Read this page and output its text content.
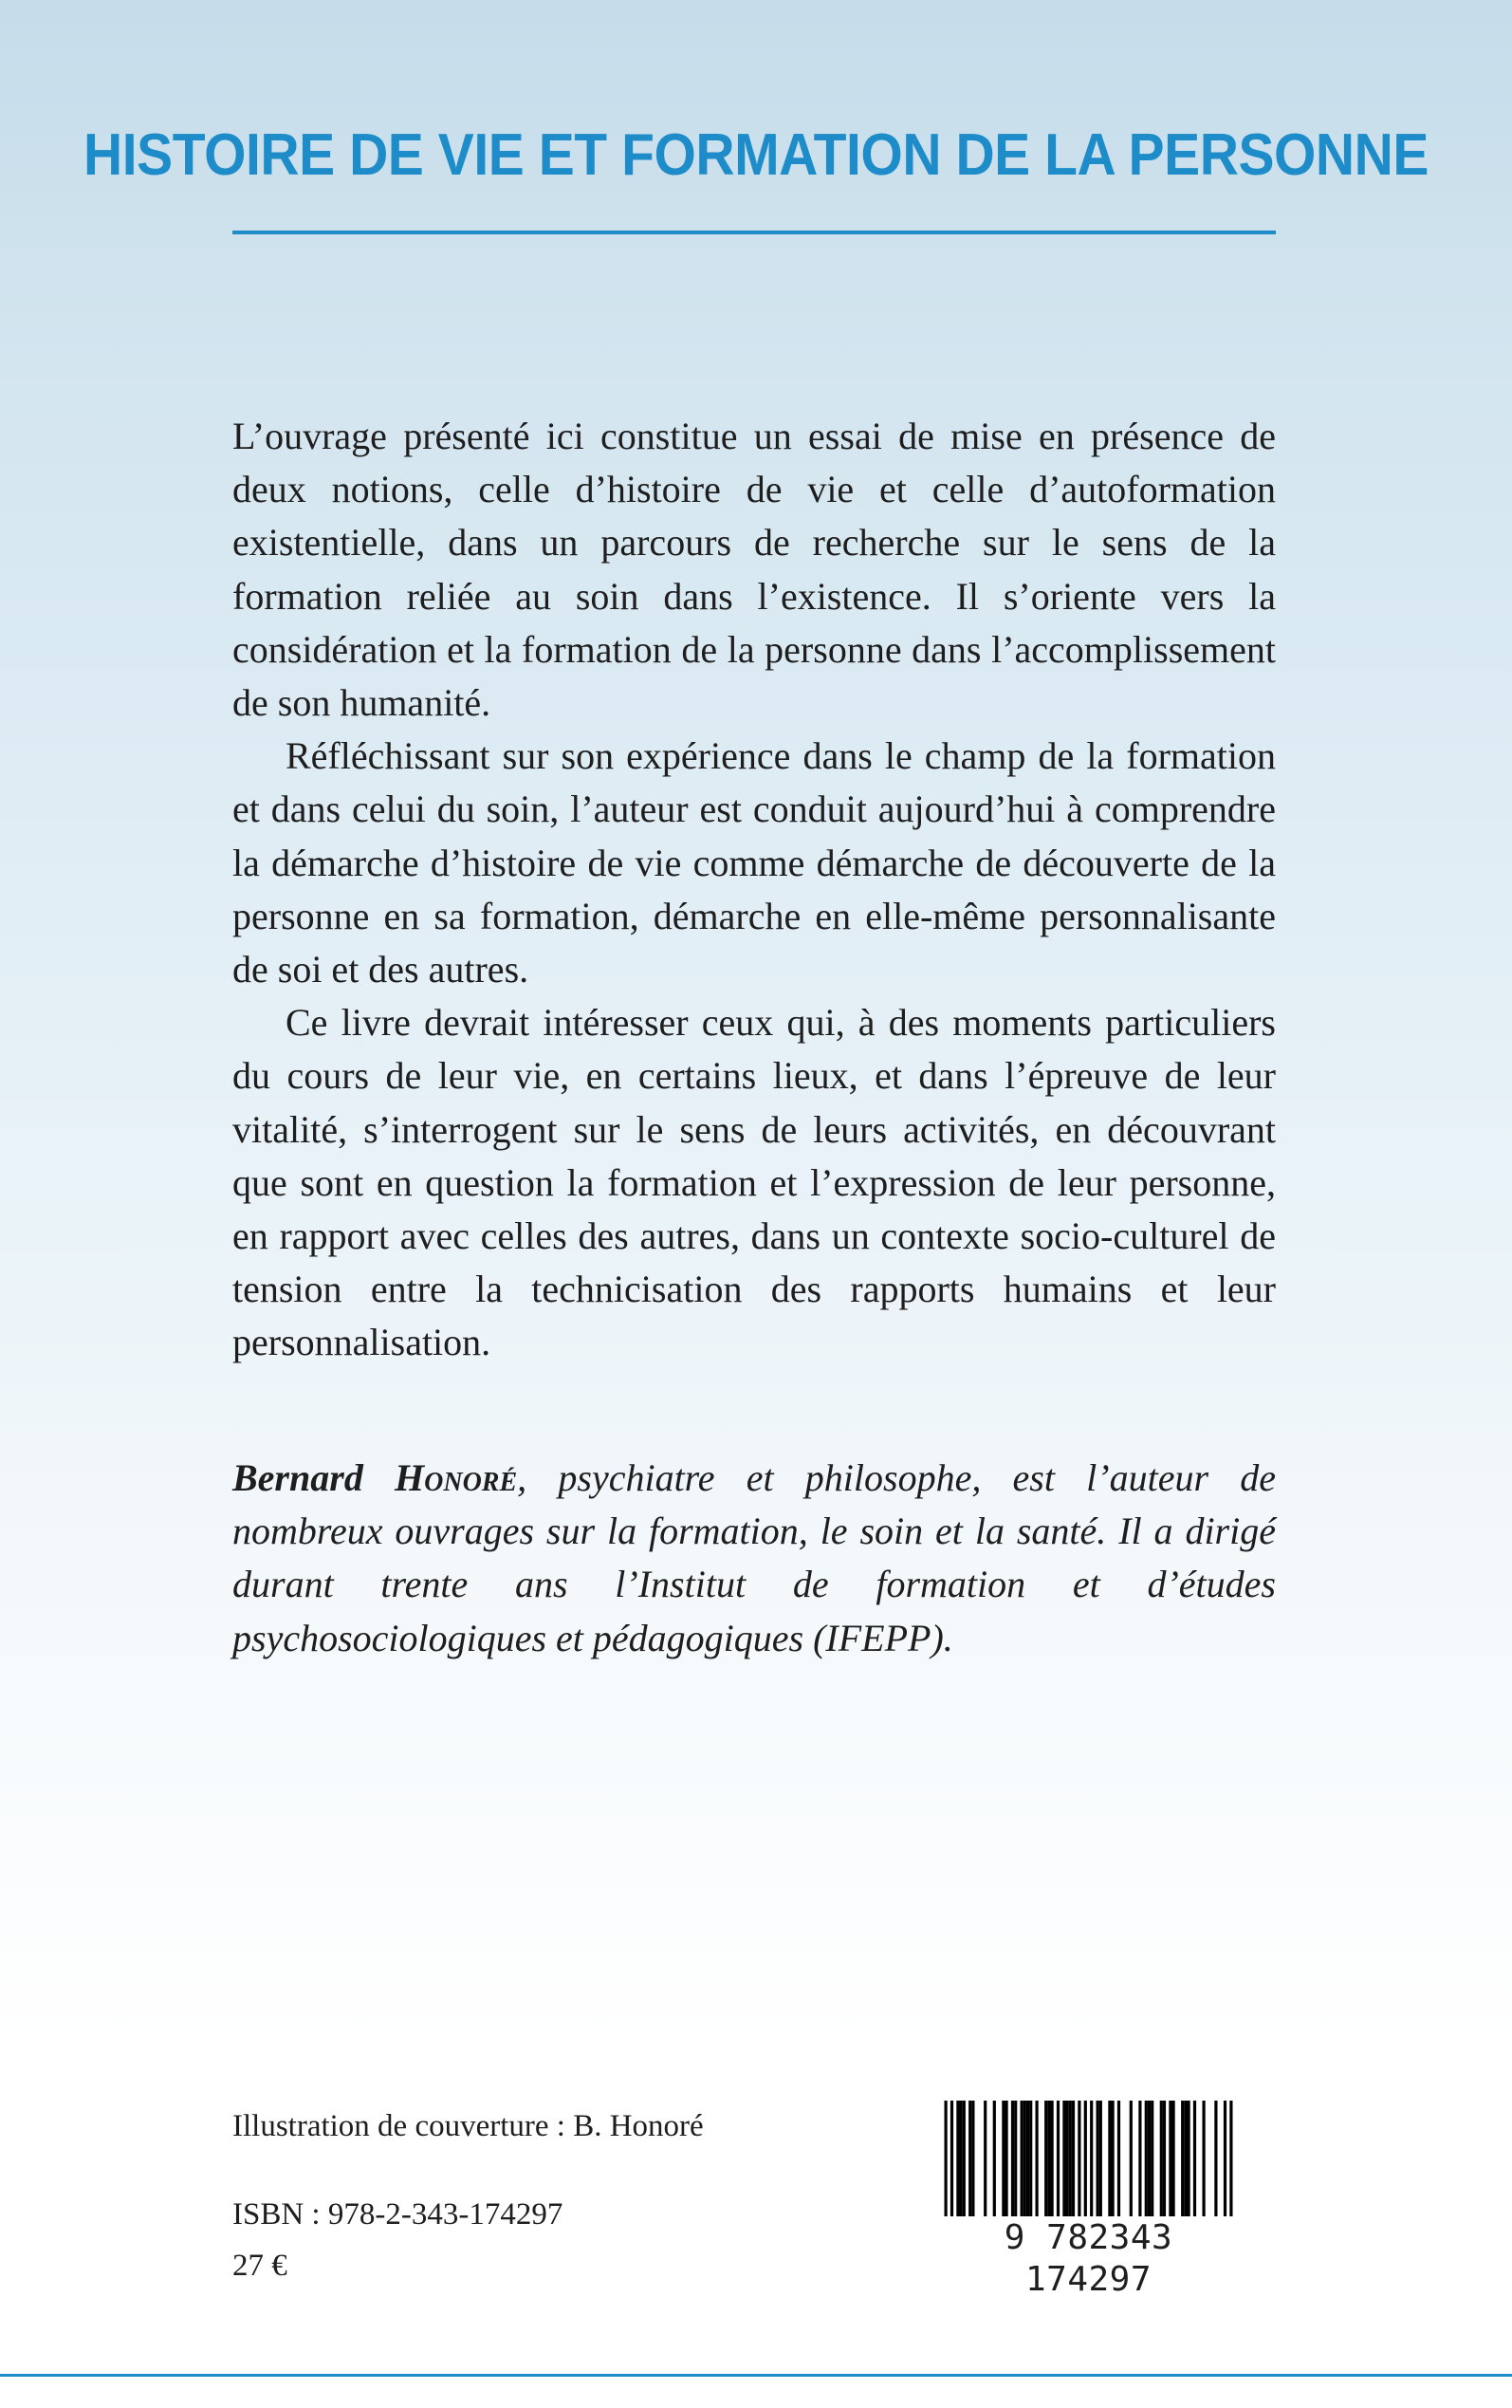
HISTOIRE DE VIE ET FORMATION DE LA PERSONNE

L’ouvrage présenté ici constitue un essai de mise en présence de deux notions, celle d’histoire de vie et celle d’autoformation existentielle, dans un parcours de recherche sur le sens de la formation reliée au soin dans l’existence. Il s’oriente vers la considération et la formation de la personne dans l’accomplissement de son humanité.

Réfléchissant sur son expérience dans le champ de la formation et dans celui du soin, l’auteur est conduit aujourd’hui à comprendre la démarche d’histoire de vie comme démarche de découverte de la personne en sa formation, démarche en elle-même personnalisante de soi et des autres.

Ce livre devrait intéresser ceux qui, à des moments particuliers du cours de leur vie, en certains lieux, et dans l’épreuve de leur vitalité, s’interrogent sur le sens de leurs activités, en découvrant que sont en question la formation et l’expression de leur personne, en rapport avec celles des autres, dans un contexte socio-culturel de tension entre la technicisation des rapports humains et leur personnalisation.

Bernard Honoré, psychiatre et philosophe, est l’auteur de nombreux ouvrages sur la formation, le soin et la santé. Il a dirigé durant trente ans l’Institut de formation et d’études psychosociologiques et pédagogiques (IFEPP).

Illustration de couverture : B. Honoré

ISBN : 978-2-343-174297

27 €

9 782343 174297
